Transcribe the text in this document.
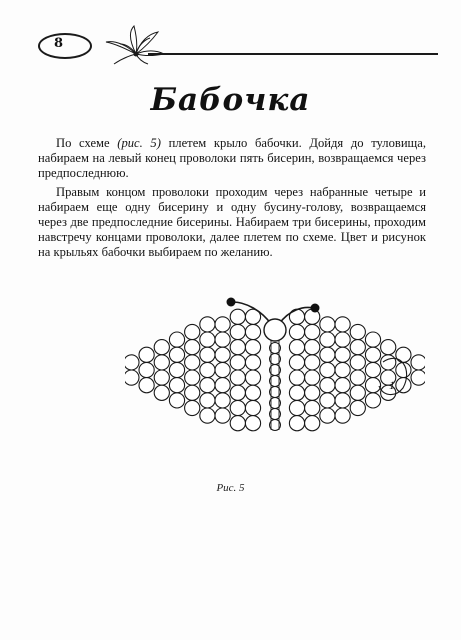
8
Бабочка

По схеме (рис. 5) плетем крыло бабочки. Дойдя до туловища, набираем на левый конец проволоки пять бисерин, возвращаемся через предпоследнюю.

Правым концом проволоки проходим через набранные четыре и набираем еще одну бисерину и одну бусину-голову, возвращаемся через две предпоследние бисерины. Набираем три бисерины, проходим навстречу концами проволоки, далее плетем по схеме. Цвет и рисунок на крыльях бабочки выбираем по желанию.

1
Рис. 5
